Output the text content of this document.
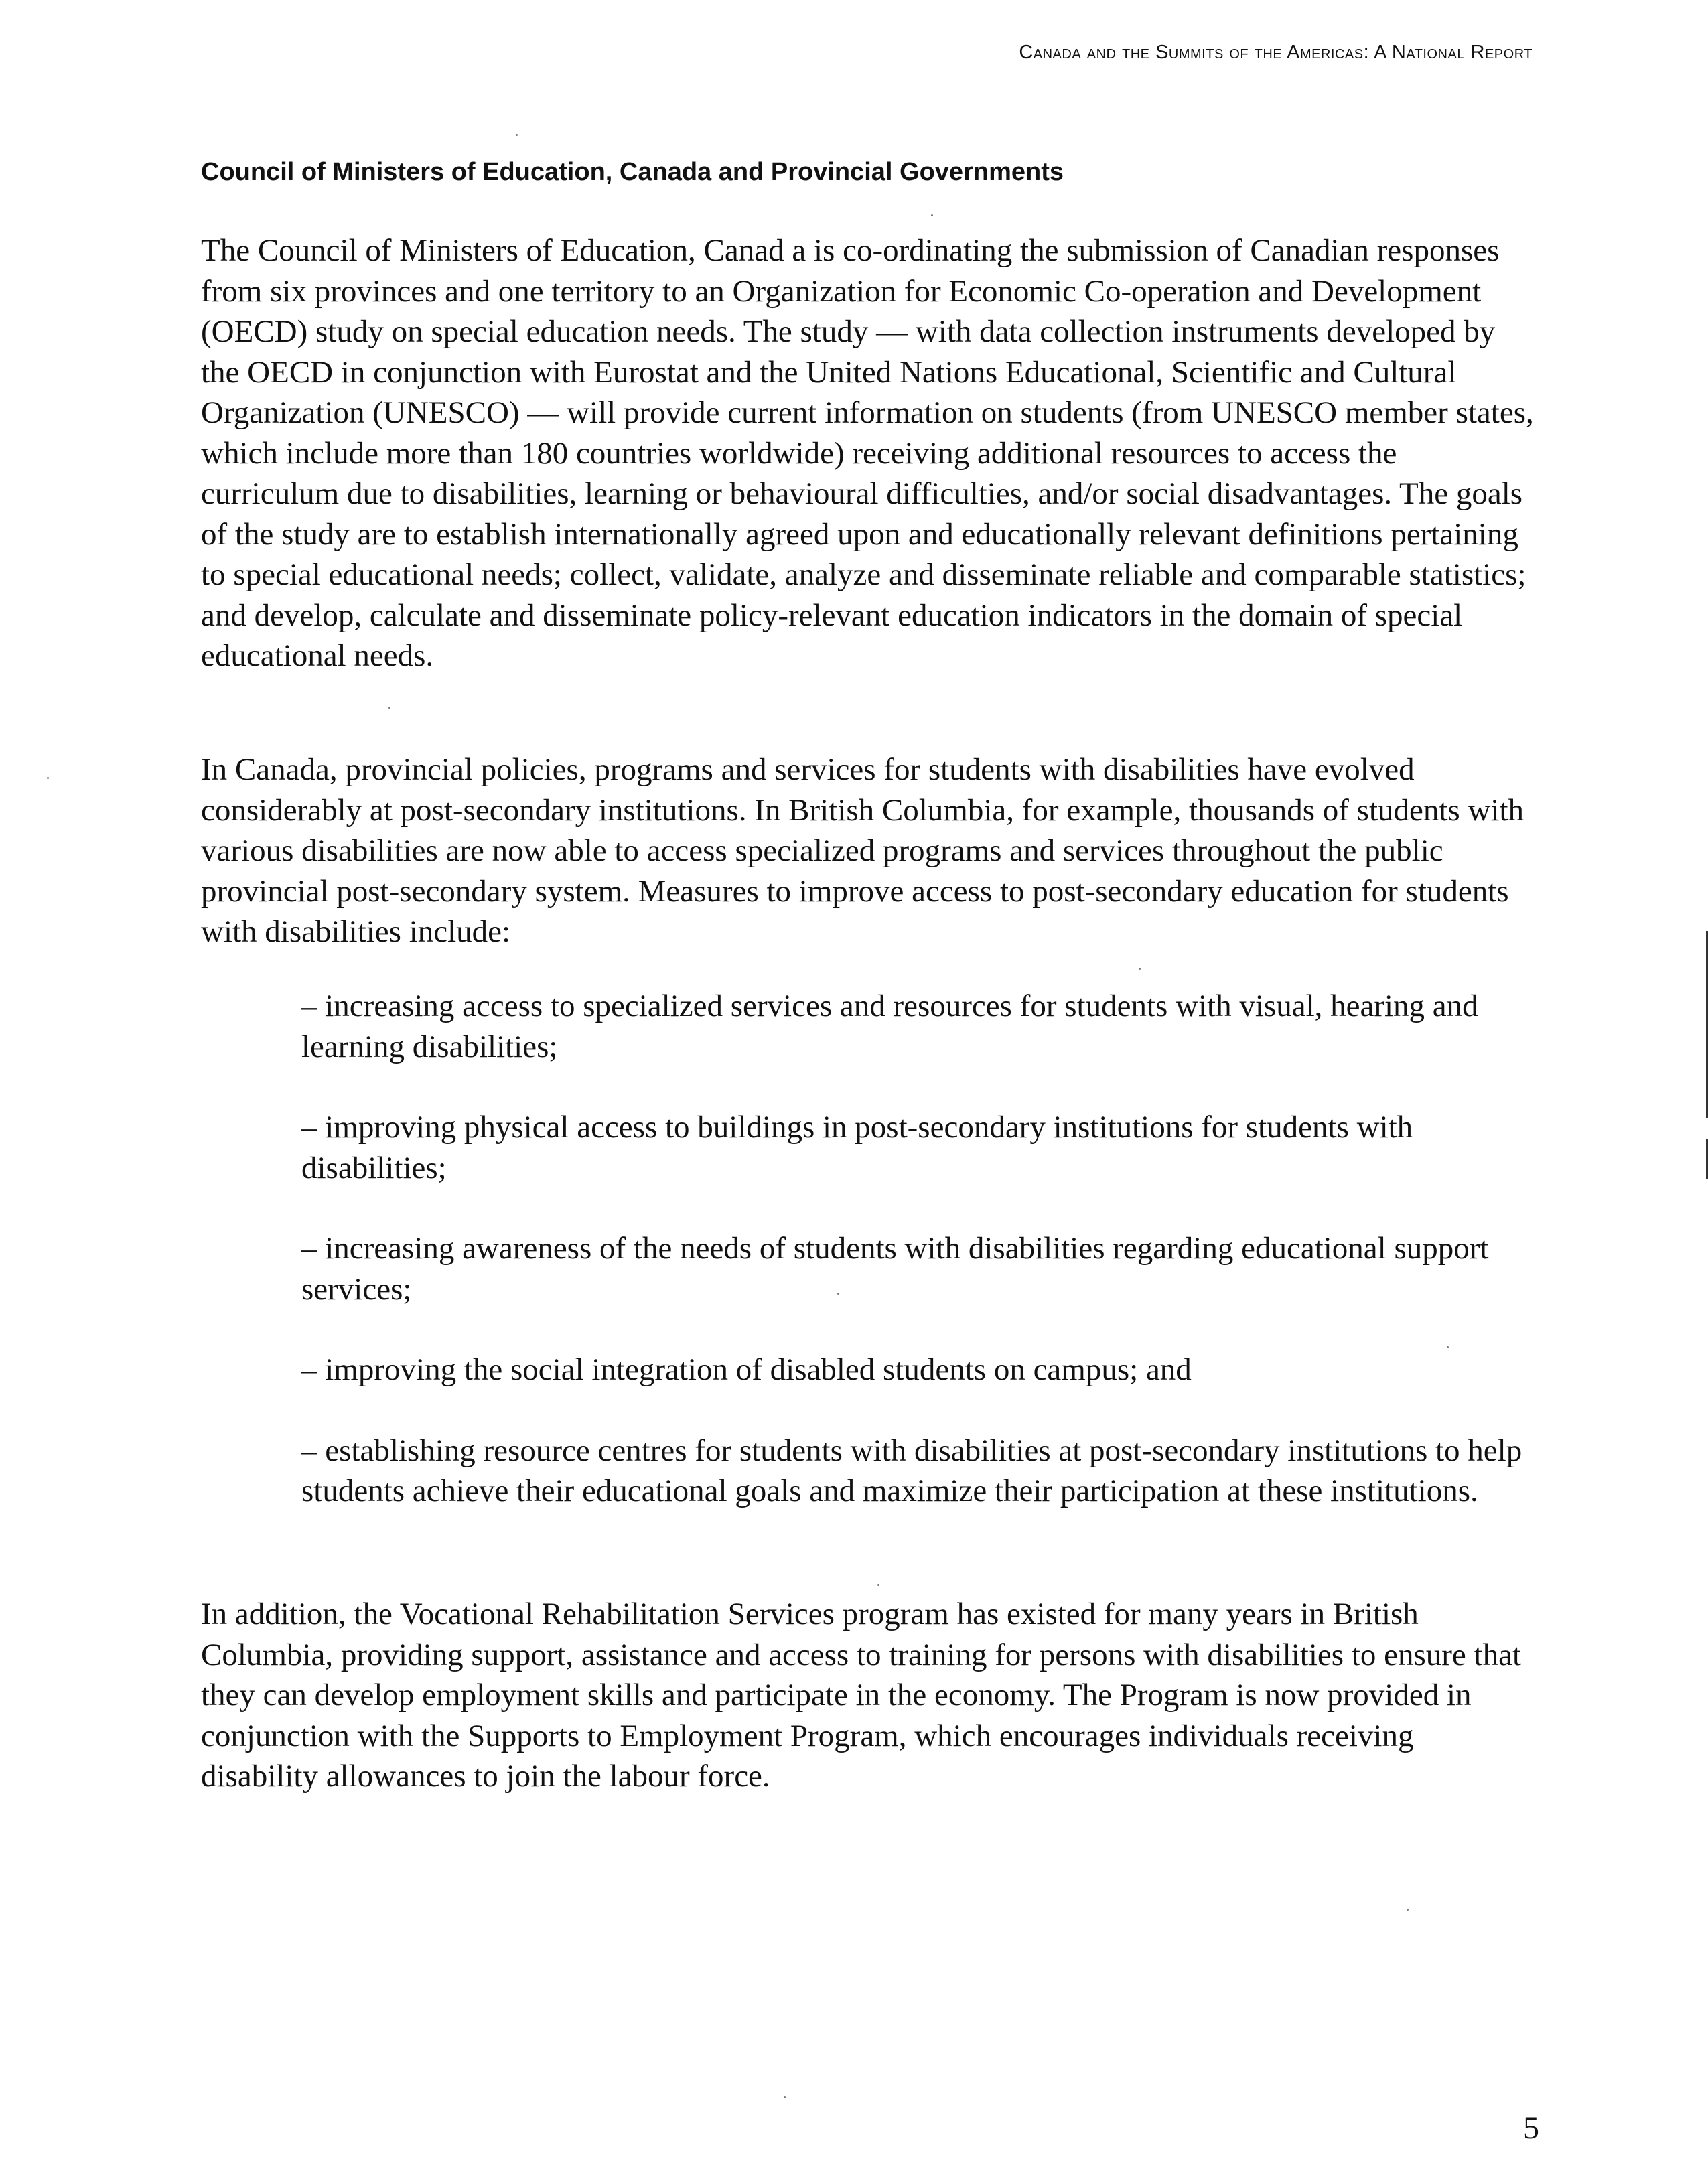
Canada and the Summits of the Americas: A National Report
Council of Ministers of Education, Canada and Provincial Governments

The Council of Ministers of Education, Canad a is co-ordinating the submission of Canadian responses from six provinces and one territory to an Organization for Economic Co-operation and Development (OECD) study on special education needs. The study — with data collection instruments developed by the OECD in conjunction with Eurostat and the United Nations Educational, Scientific and Cultural Organization (UNESCO) — will provide current information on students (from UNESCO member states, which include more than 180 countries worldwide) receiving additional resources to access the curriculum due to disabilities, learning or behavioural difficulties, and/or social disadvantages. The goals of the study are to establish internationally agreed upon and educationally relevant definitions pertaining to special educational needs; collect, validate, analyze and disseminate reliable and comparable statistics; and develop, calculate and disseminate policy-relevant education indicators in the domain of special educational needs.

In Canada, provincial policies, programs and services for students with disabilities have evolved considerably at post-secondary institutions. In British Columbia, for example, thousands of students with various disabilities are now able to access specialized programs and services throughout the public provincial post-secondary system. Measures to improve access to post-secondary education for students with disabilities include:

– increasing access to specialized services and resources for students with visual, hearing and learning disabilities;
– improving physical access to buildings in post-secondary institutions for students with disabilities;
– increasing awareness of the needs of students with disabilities regarding educational support services;
– improving the social integration of disabled students on campus; and
– establishing resource centres for students with disabilities at post-secondary institutions to help students achieve their educational goals and maximize their participation at these institutions.

In addition, the Vocational Rehabilitation Services program has existed for many years in British Columbia, providing support, assistance and access to training for persons with disabilities to ensure that they can develop employment skills and participate in the economy. The Program is now provided in conjunction with the Supports to Employment Program, which encourages individuals receiving disability allowances to join the labour force.

5
